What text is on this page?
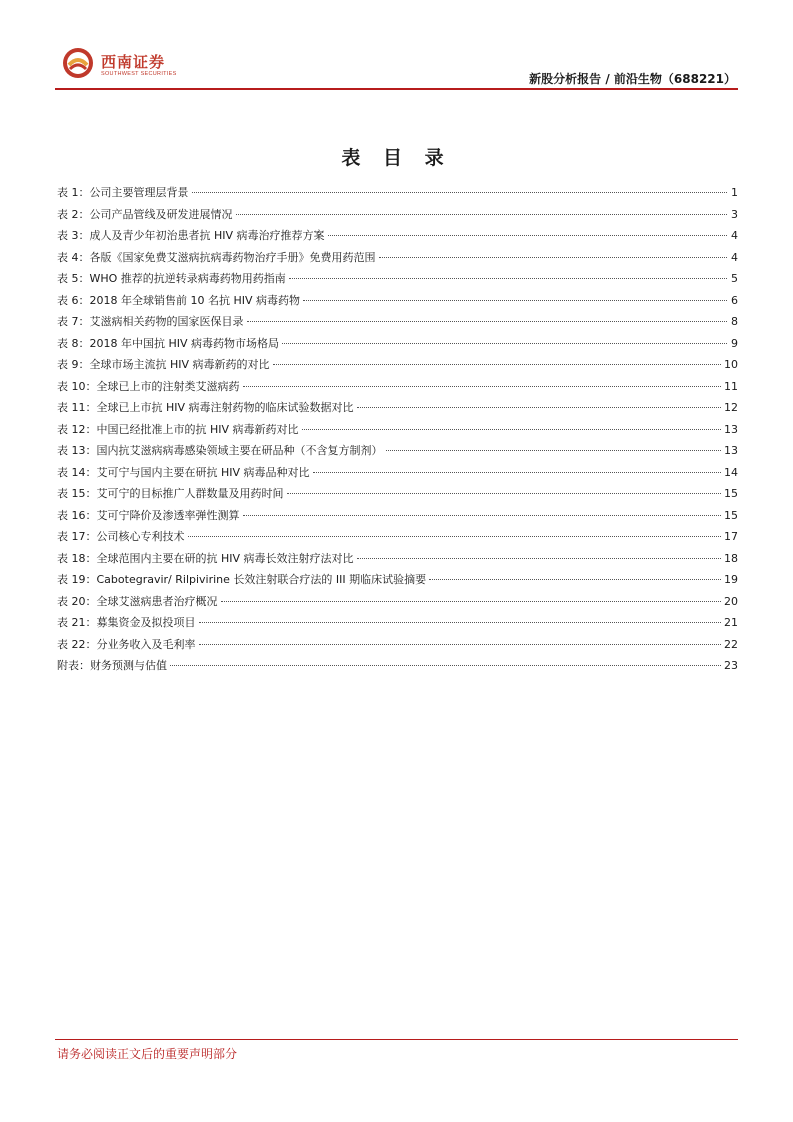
西南证券
SOUTHWEST SECURITIES	新股分析报告 / 前沿生物（688221）
表 目 录
表 1：公司主要管理层背景	1
表 2：公司产品管线及研发进展情况	3
表 3：成人及青少年初治患者抗 HIV 病毒治疗推荐方案	4
表 4：各版《国家免费艾滋病抗病毒药物治疗手册》免费用药范围	4
表 5：WHO 推荐的抗逆转录病毒药物用药指南	5
表 6：2018 年全球销售前 10 名抗 HIV 病毒药物	6
表 7：艾滋病相关药物的国家医保目录	8
表 8：2018 年中国抗 HIV 病毒药物市场格局	9
表 9：全球市场主流抗 HIV 病毒新药的对比	10
表 10：全球已上市的注射类艾滋病药	11
表 11：全球已上市抗 HIV 病毒注射药物的临床试验数据对比	12
表 12：中国已经批准上市的抗 HIV 病毒新药对比	13
表 13：国内抗艾滋病病毒感染领域主要在研品种（不含复方制剂）	13
表 14：艾可宁与国内主要在研抗 HIV 病毒品种对比	14
表 15：艾可宁的目标推广人群数量及用药时间	15
表 16：艾可宁降价及渗透率弹性测算	15
表 17：公司核心专利技术	17
表 18：全球范围内主要在研的抗 HIV 病毒长效注射疗法对比	18
表 19：Cabotegravir/ Rilpivirine 长效注射联合疗法的 III 期临床试验摘要	19
表 20：全球艾滋病患者治疗概况	20
表 21：募集资金及拟投项目	21
表 22：分业务收入及毛利率	22
附表：财务预测与估值	23
请务必阅读正文后的重要声明部分
